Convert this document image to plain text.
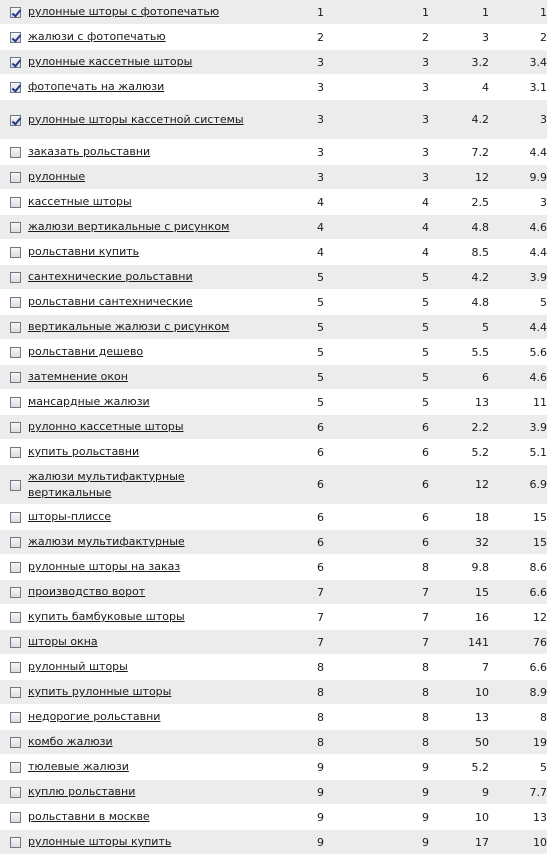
	рулонные шторы с фотопечатью	1	1	1	1
	жалюзи с фотопечатью	2	2	3	2
	рулонные кассетные шторы	3	3	3.2	3.4
	фотопечать на жалюзи	3	3	4	3.1
	рулонные шторы кассетной системы	3	3	4.2	3
	заказать рольставни	3	3	7.2	4.4
	рулонные	3	3	12	9.9
	кассетные шторы	4	4	2.5	3
	жалюзи вертикальные с рисунком	4	4	4.8	4.6
	рольставни купить	4	4	8.5	4.4
	сантехнические рольставни	5	5	4.2	3.9
	рольставни сантехнические	5	5	4.8	5
	вертикальные жалюзи с рисунком	5	5	5	4.4
	рольставни дешево	5	5	5.5	5.6
	затемнение окон	5	5	6	4.6
	мансардные жалюзи	5	5	13	11
	рулонно кассетные шторы	6	6	2.2	3.9
	купить рольставни	6	6	5.2	5.1
	жалюзи мультифактурные вертикальные	6	6	12	6.9
	шторы-плиссе	6	6	18	15
	жалюзи мультифактурные	6	6	32	15
	рулонные шторы на заказ	6	8	9.8	8.6
	производство ворот	7	7	15	6.6
	купить бамбуковые шторы	7	7	16	12
	шторы окна	7	7	141	76
	рулонный шторы	8	8	7	6.6
	купить рулонные шторы	8	8	10	8.9
	недорогие рольставни	8	8	13	8
	комбо жалюзи	8	8	50	19
	тюлевые жалюзи	9	9	5.2	5
	куплю рольставни	9	9	9	7.7
	рольставни в москве	9	9	10	13
	рулонные шторы купить	9	9	17	10
